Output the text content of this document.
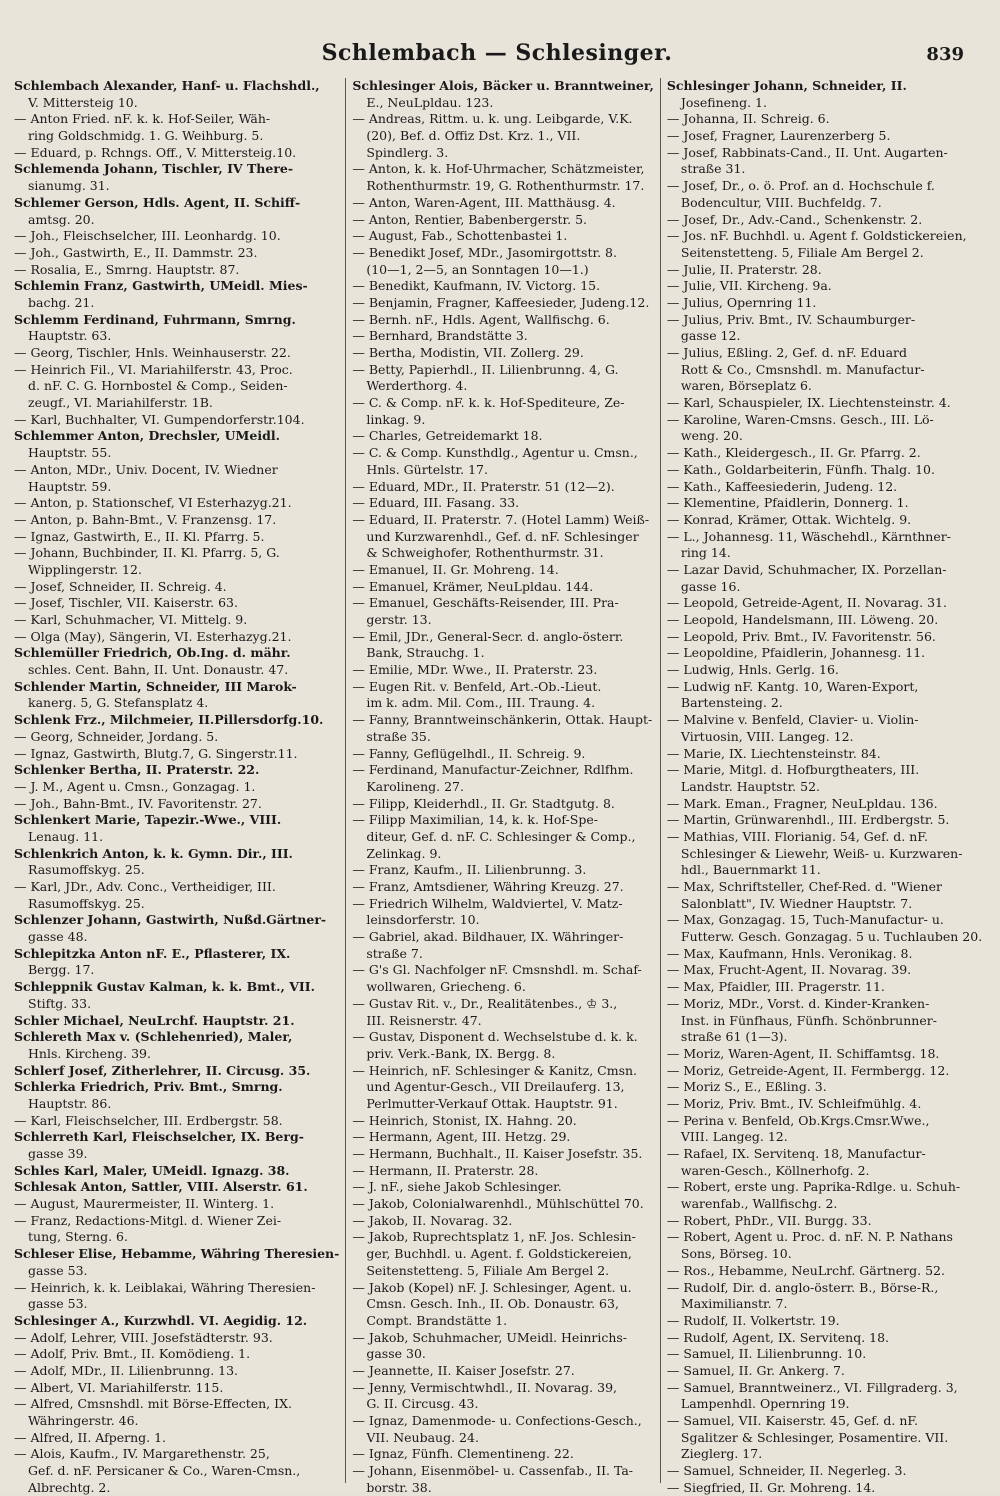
Schlembach — Schlesinger.	839
Schlembach Alexander, Hanf- u. Flachshdl.,
V. Mittersteig 10.
— Anton Fried. nF. k. k. Hof-Seiler, Wäh-
ring Goldschmidg. 1. G. Weihburg. 5.
— Eduard, p. Rchngs. Off., V. Mittersteig.10.
Schlemenda Johann, Tischler, IV There-
sianumg. 31.
Schlemer Gerson, Hdls. Agent, II. Schiff-
amtsg. 20.
— Joh., Fleischselcher, III. Leonhardg. 10.
— Joh., Gastwirth, E., II. Dammstr. 23.
— Rosalia, E., Smrng. Hauptstr. 87.
Schlemin Franz, Gastwirth, UMeidl. Mies-
bachg. 21.
Schlemm Ferdinand, Fuhrmann, Smrng.
Hauptstr. 63.
— Georg, Tischler, Hnls. Weinhauserstr. 22.
— Heinrich Fil., VI. Mariahilferstr. 43, Proc.
d. nF. C. G. Hornbostel & Comp., Seiden-
zeugf., VI. Mariahilferstr. 1B.
— Karl, Buchhalter, VI. Gumpendorferstr.104.
Schlemmer Anton, Drechsler, UMeidl.
Hauptstr. 55.
— Anton, MDr., Univ. Docent, IV. Wiedner
Hauptstr. 59.
— Anton, p. Stationschef, VI Esterhazyg.21.
— Anton, p. Bahn-Bmt., V. Franzensg. 17.
— Ignaz, Gastwirth, E., II. Kl. Pfarrg. 5.
— Johann, Buchbinder, II. Kl. Pfarrg. 5, G.
Wipplingerstr. 12.
— Josef, Schneider, II. Schreig. 4.
— Josef, Tischler, VII. Kaiserstr. 63.
— Karl, Schuhmacher, VI. Mittelg. 9.
— Olga (May), Sängerin, VI. Esterhazyg.21.
Schlemüller Friedrich, Ob.Ing. d. mähr.
schles. Cent. Bahn, II. Unt. Donaustr. 47.
Schlender Martin, Schneider, III Marok-
kanerg. 5, G. Stefansplatz 4.
Schlenk Frz., Milchmeier, II.Pillersdorfg.10.
— Georg, Schneider, Jordang. 5.
— Ignaz, Gastwirth, Blutg.7, G. Singerstr.11.
Schlenker Bertha, II. Praterstr. 22.
— J. M., Agent u. Cmsn., Gonzagag. 1.
— Joh., Bahn-Bmt., IV. Favoritenstr. 27.
Schlenkert Marie, Tapezir.-Wwe., VIII.
Lenaug. 11.
Schlenkrich Anton, k. k. Gymn. Dir., III.
Rasumoffskyg. 25.
— Karl, JDr., Adv. Conc., Vertheidiger, III.
Rasumoffskyg. 25.
Schlenzer Johann, Gastwirth, Nußd.Gärtner-
gasse 48.
Schlepitzka Anton nF. E., Pflasterer, IX.
Bergg. 17.
Schleppnik Gustav Kalman, k. k. Bmt., VII.
Stiftg. 33.
Schler Michael, NeuLrchf. Hauptstr. 21.
Schlereth Max v. (Schlehenried), Maler,
Hnls. Kircheng. 39.
Schlerf Josef, Zitherlehrer, II. Circusg. 35.
Schlerka Friedrich, Priv. Bmt., Smrng.
Hauptstr. 86.
— Karl, Fleischselcher, III. Erdbergstr. 58.
Schlerreth Karl, Fleischselcher, IX. Berg-
gasse 39.
Schles Karl, Maler, UMeidl. Ignazg. 38.
Schlesak Anton, Sattler, VIII. Alserstr. 61.
— August, Maurermeister, II. Winterg. 1.
— Franz, Redactions-Mitgl. d. Wiener Zei-
tung, Sterng. 6.
Schleser Elise, Hebamme, Währing Theresien-
gasse 53.
— Heinrich, k. k. Leiblakai, Währing Theresien-
gasse 53.
Schlesinger A., Kurzwhdl. VI. Aegidig. 12.
— Adolf, Lehrer, VIII. Josefstädterstr. 93.
— Adolf, Priv. Bmt., II. Komödieng. 1.
— Adolf, MDr., II. Lilienbrunng. 13.
— Albert, VI. Mariahilferstr. 115.
— Alfred, Cmsnshdl. mit Börse-Effecten, IX.
Währingerstr. 46.
— Alfred, II. Afperng. 1.
— Alois, Kaufm., IV. Margarethenstr. 25,
Gef. d. nF. Persicaner & Co., Waren-Cmsn.,
Albrechtg. 2.
Schlesinger Alois, Bäcker u. Branntweiner,
E., NeuLpldau. 123.
— Andreas, Rittm. u. k. ung. Leibgarde, V.K.
(20), Bef. d. Offiz Dst. Krz. 1., VII.
Spindlerg. 3.
— Anton, k. k. Hof-Uhrmacher, Schätzmeister,
Rothenthurmstr. 19, G. Rothenthurmstr. 17.
— Anton, Waren-Agent, III. Matthäusg. 4.
— Anton, Rentier, Babenbergerstr. 5.
— August, Fab., Schottenbastei 1.
— Benedikt Josef, MDr., Jasomirgottstr. 8.
(10—1, 2—5, an Sonntagen 10—1.)
— Benedikt, Kaufmann, IV. Victorg. 15.
— Benjamin, Fragner, Kaffeesieder, Judeng.12.
— Bernh. nF., Hdls. Agent, Wallfischg. 6.
— Bernhard, Brandstätte 3.
— Bertha, Modistin, VII. Zollerg. 29.
— Betty, Papierhdl., II. Lilienbrunng. 4, G.
Werderthorg. 4.
— C. & Comp. nF. k. k. Hof-Spediteure, Ze-
linkag. 9.
— Charles, Getreidemarkt 18.
— C. & Comp. Kunsthdlg., Agentur u. Cmsn.,
Hnls. Gürtelstr. 17.
— Eduard, MDr., II. Praterstr. 51 (12—2).
— Eduard, III. Fasang. 33.
— Eduard, II. Praterstr. 7. (Hotel Lamm) Weiß-
und Kurzwarenhdl., Gef. d. nF. Schlesinger
& Schweighofer, Rothenthurmstr. 31.
— Emanuel, II. Gr. Mohreng. 14.
— Emanuel, Krämer, NeuLpldau. 144.
— Emanuel, Geschäfts-Reisender, III. Pra-
gerstr. 13.
— Emil, JDr., General-Secr. d. anglo-österr.
Bank, Strauchg. 1.
— Emilie, MDr. Wwe., II. Praterstr. 23.
— Eugen Rit. v. Benfeld, Art.-Ob.-Lieut.
im k. adm. Mil. Com., III. Traung. 4.
— Fanny, Branntweinschänkerin, Ottak. Haupt-
straße 35.
— Fanny, Geflügelhdl., II. Schreig. 9.
— Ferdinand, Manufactur-Zeichner, Rdlfhm.
Karolineng. 27.
— Filipp, Kleiderhdl., II. Gr. Stadtgutg. 8.
— Filipp Maximilian, 14, k. k. Hof-Spe-
diteur, Gef. d. nF. C. Schlesinger & Comp.,
Zelinkag. 9.
— Franz, Kaufm., II. Lilienbrunng. 3.
— Franz, Amtsdiener, Währing Kreuzg. 27.
— Friedrich Wilhelm, Waldviertel, V. Matz-
leinsdorferstr. 10.
— Gabriel, akad. Bildhauer, IX. Währinger-
straße 7.
— G's Gl. Nachfolger nF. Cmsnshdl. m. Schaf-
wollwaren, Griecheng. 6.
— Gustav Rit. v., Dr., Realitätenbes., ♔ 3.,
III. Reisnerstr. 47.
— Gustav, Disponent d. Wechselstube d. k. k.
priv. Verk.-Bank, IX. Bergg. 8.
— Heinrich, nF. Schlesinger & Kanitz, Cmsn.
und Agentur-Gesch., VII Dreilauferg. 13,
Perlmutter-Verkauf Ottak. Hauptstr. 91.
— Heinrich, Stonist, IX. Hahng. 20.
— Hermann, Agent, III. Hetzg. 29.
— Hermann, Buchhalt., II. Kaiser Josefstr. 35.
— Hermann, II. Praterstr. 28.
— J. nF., siehe Jakob Schlesinger.
— Jakob, Colonialwarenhdl., Mühlschüttel 70.
— Jakob, II. Novarag. 32.
— Jakob, Ruprechtsplatz 1, nF. Jos. Schlesin-
ger, Buchhdl. u. Agent. f. Goldstickereien,
Seitenstetteng. 5, Filiale Am Bergel 2.
— Jakob (Kopel) nF. J. Schlesinger, Agent. u.
Cmsn. Gesch. Inh., II. Ob. Donaustr. 63,
Compt. Brandstätte 1.
— Jakob, Schuhmacher, UMeidl. Heinrichs-
gasse 30.
— Jeannette, II. Kaiser Josefstr. 27.
— Jenny, Vermischtwhdl., II. Novarag. 39,
G. II. Circusg. 43.
— Ignaz, Damenmode- u. Confections-Gesch.,
VII. Neubaug. 24.
— Ignaz, Fünfh. Clementineng. 22.
— Johann, Eisenmöbel- u. Cassenfab., II. Ta-
borstr. 38.
Schlesinger Johann, Schneider, II.
Josefineng. 1.
— Johanna, II. Schreig. 6.
— Josef, Fragner, Laurenzerberg 5.
— Josef, Rabbinats-Cand., II. Unt. Augarten-
straße 31.
— Josef, Dr., o. ö. Prof. an d. Hochschule f.
Bodencultur, VIII. Buchfeldg. 7.
— Josef, Dr., Adv.-Cand., Schenkenstr. 2.
— Jos. nF. Buchhdl. u. Agent f. Goldstickereien,
Seitenstetteng. 5, Filiale Am Bergel 2.
— Julie, II. Praterstr. 28.
— Julie, VII. Kircheng. 9a.
— Julius, Opernring 11.
— Julius, Priv. Bmt., IV. Schaumburger-
gasse 12.
— Julius, Eßling. 2, Gef. d. nF. Eduard
Rott & Co., Cmsnshdl. m. Manufactur-
waren, Börseplatz 6.
— Karl, Schauspieler, IX. Liechtensteinstr. 4.
— Karoline, Waren-Cmsns. Gesch., III. Lö-
weng. 20.
— Kath., Kleidergesch., II. Gr. Pfarrg. 2.
— Kath., Goldarbeiterin, Fünfh. Thalg. 10.
— Kath., Kaffeesiederin, Judeng. 12.
— Klementine, Pfaidlerin, Donnerg. 1.
— Konrad, Krämer, Ottak. Wichtelg. 9.
— L., Johannesg. 11, Wäschehdl., Kärnthner-
ring 14.
— Lazar David, Schuhmacher, IX. Porzellan-
gasse 16.
— Leopold, Getreide-Agent, II. Novarag. 31.
— Leopold, Handelsmann, III. Löweng. 20.
— Leopold, Priv. Bmt., IV. Favoritenstr. 56.
— Leopoldine, Pfaidlerin, Johannesg. 11.
— Ludwig, Hnls. Gerlg. 16.
— Ludwig nF. Kantg. 10, Waren-Export,
Bartensteing. 2.
— Malvine v. Benfeld, Clavier- u. Violin-
Virtuosin, VIII. Langeg. 12.
— Marie, IX. Liechtensteinstr. 84.
— Marie, Mitgl. d. Hofburgtheaters, III.
Landstr. Hauptstr. 52.
— Mark. Eman., Fragner, NeuLpldau. 136.
— Martin, Grünwarenhdl., III. Erdbergstr. 5.
— Mathias, VIII. Florianig. 54, Gef. d. nF.
Schlesinger & Liewehr, Weiß- u. Kurzwaren-
hdl., Bauernmarkt 11.
— Max, Schriftsteller, Chef-Red. d. "Wiener
Salonblatt", IV. Wiedner Hauptstr. 7.
— Max, Gonzagag. 15, Tuch-Manufactur- u.
Futterw. Gesch. Gonzagag. 5 u. Tuchlauben 20.
— Max, Kaufmann, Hnls. Veronikag. 8.
— Max, Frucht-Agent, II. Novarag. 39.
— Max, Pfaidler, III. Pragerstr. 11.
— Moriz, MDr., Vorst. d. Kinder-Kranken-
Inst. in Fünfhaus, Fünfh. Schönbrunner-
straße 61 (1—3).
— Moriz, Waren-Agent, II. Schiffamtsg. 18.
— Moriz, Getreide-Agent, II. Fermbergg. 12.
— Moriz S., E., Eßling. 3.
— Moriz, Priv. Bmt., IV. Schleifmühlg. 4.
— Perina v. Benfeld, Ob.Krgs.Cmsr.Wwe.,
VIII. Langeg. 12.
— Rafael, IX. Servitenq. 18, Manufactur-
waren-Gesch., Köllnerhofg. 2.
— Robert, erste ung. Paprika-Rdlge. u. Schuh-
warenfab., Wallfischg. 2.
— Robert, PhDr., VII. Burgg. 33.
— Robert, Agent u. Proc. d. nF. N. P. Nathans
Sons, Börseg. 10.
— Ros., Hebamme, NeuLrchf. Gärtnerg. 52.
— Rudolf, Dir. d. anglo-österr. B., Börse-R.,
Maximilianstr. 7.
— Rudolf, II. Volkertstr. 19.
— Rudolf, Agent, IX. Servitenq. 18.
— Samuel, II. Lilienbrunng. 10.
— Samuel, II. Gr. Ankerg. 7.
— Samuel, Branntweinerz., VI. Fillgraderg. 3,
Lampenhdl. Opernring 19.
— Samuel, VII. Kaiserstr. 45, Gef. d. nF.
Sgalitzer & Schlesinger, Posamentire. VII.
Zieglerg. 17.
— Samuel, Schneider, II. Negerleg. 3.
— Siegfried, II. Gr. Mohreng. 14.
